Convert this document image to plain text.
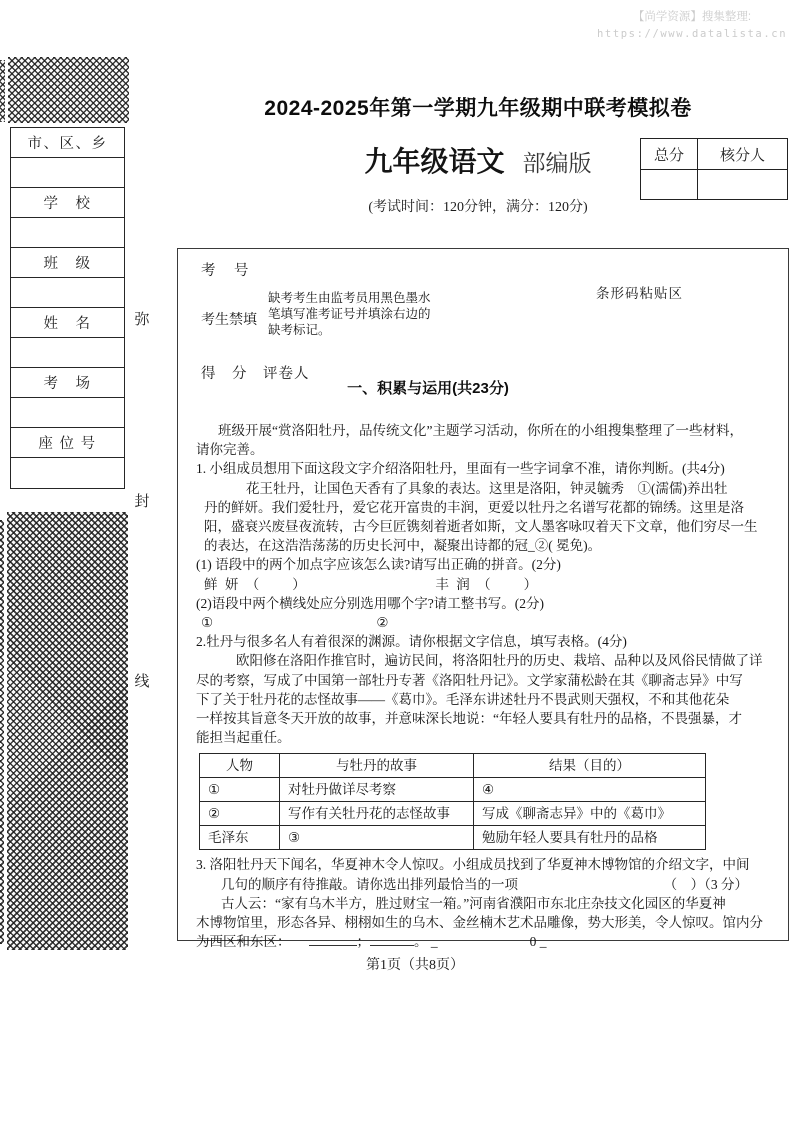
【尚学资源】搜集整理:
https://www.datalista.cn
市、区、乡
学　校
班　级
姓　名
考　场
座 位 号
弥
封
线
2024-2025年第一学期九年级期中联考模拟卷
九年级语文 部编版
(考试时间：120分钟，满分：120分)
总分	核分人
考　号
考生禁填
缺考考生由监考员用黑色墨水
笔填写准考证号并填涂右边的
缺考标记。
条形码粘贴区
得　分　评卷人
一、积累与运用(共23分)
班级开展“赏洛阳牡丹，品传统文化”主题学习活动，你所在的小组搜集整理了一些材料，
请你完善。
1. 小组成员想用下面这段文字介绍洛阳牡丹，里面有一些字词拿不准，请你判断。(共4分)
花王牡丹，让国色天香有了具象的表达。这里是洛阳，钟灵毓秀　①(濡儒)养出牡
丹的鲜妍。我们爱牡丹，爱它花开富贵的丰润，更爱以牡丹之名谱写花都的锦绣。这里是洛
阳，盛衰兴废昼夜流转，古今巨匠镌刻着逝者如斯，文人墨客咏叹着天下文章，他们穷尽一生
的表达，在这浩浩荡荡的历史长河中，凝聚出诗都的冠_②( 冕免)。
(1) 语段中的两个加点字应该怎么读?请写出正确的拼音。(2分)
鲜 妍 （　　）	丰 润 （　　）
(2)语段中两个横线处应分别选用哪个字?请工整书写。(2分)
①	②
2.牡丹与很多名人有着很深的渊源。请你根据文字信息，填写表格。(4分)
欧阳修在洛阳作推官时，遍访民间，将洛阳牡丹的历史、栽培、品种以及风俗民情做了详
尽的考察，写成了中国第一部牡丹专著《洛阳牡丹记》。文学家蒲松龄在其《聊斋志异》中写
下了关于牡丹花的志怪故事——《葛巾》。毛泽东讲述牡丹不畏武则天强权，不和其他花朵
一样按其旨意冬天开放的故事，并意味深长地说：“年轻人要具有牡丹的品格，不畏强暴，才
能担当起重任。
人物	与牡丹的故事	结果（目的）
①	对牡丹做详尽考察	④
②	写作有关牡丹花的志怪故事	写成《聊斋志异》中的《葛巾》
毛泽东	③	勉励年轻人要具有牡丹的品格
3. 洛阳牡丹天下闻名，华夏神木令人惊叹。小组成员找到了华夏神木博物馆的介绍文字，中间
几句的顺序有待推敲。请你选出排列最恰当的一项	（　）（3 分）
古人云：“家有乌木半方，胜过财宝一箱。”河南省濮阳市东北庄杂技文化园区的华夏神
木博物馆里，形态各异、栩栩如生的乌木、金丝楠木艺术品雕像，势大形美，令人惊叹。馆内分
为西区和东区：	；	。 _	0 _
第1页（共8页）
